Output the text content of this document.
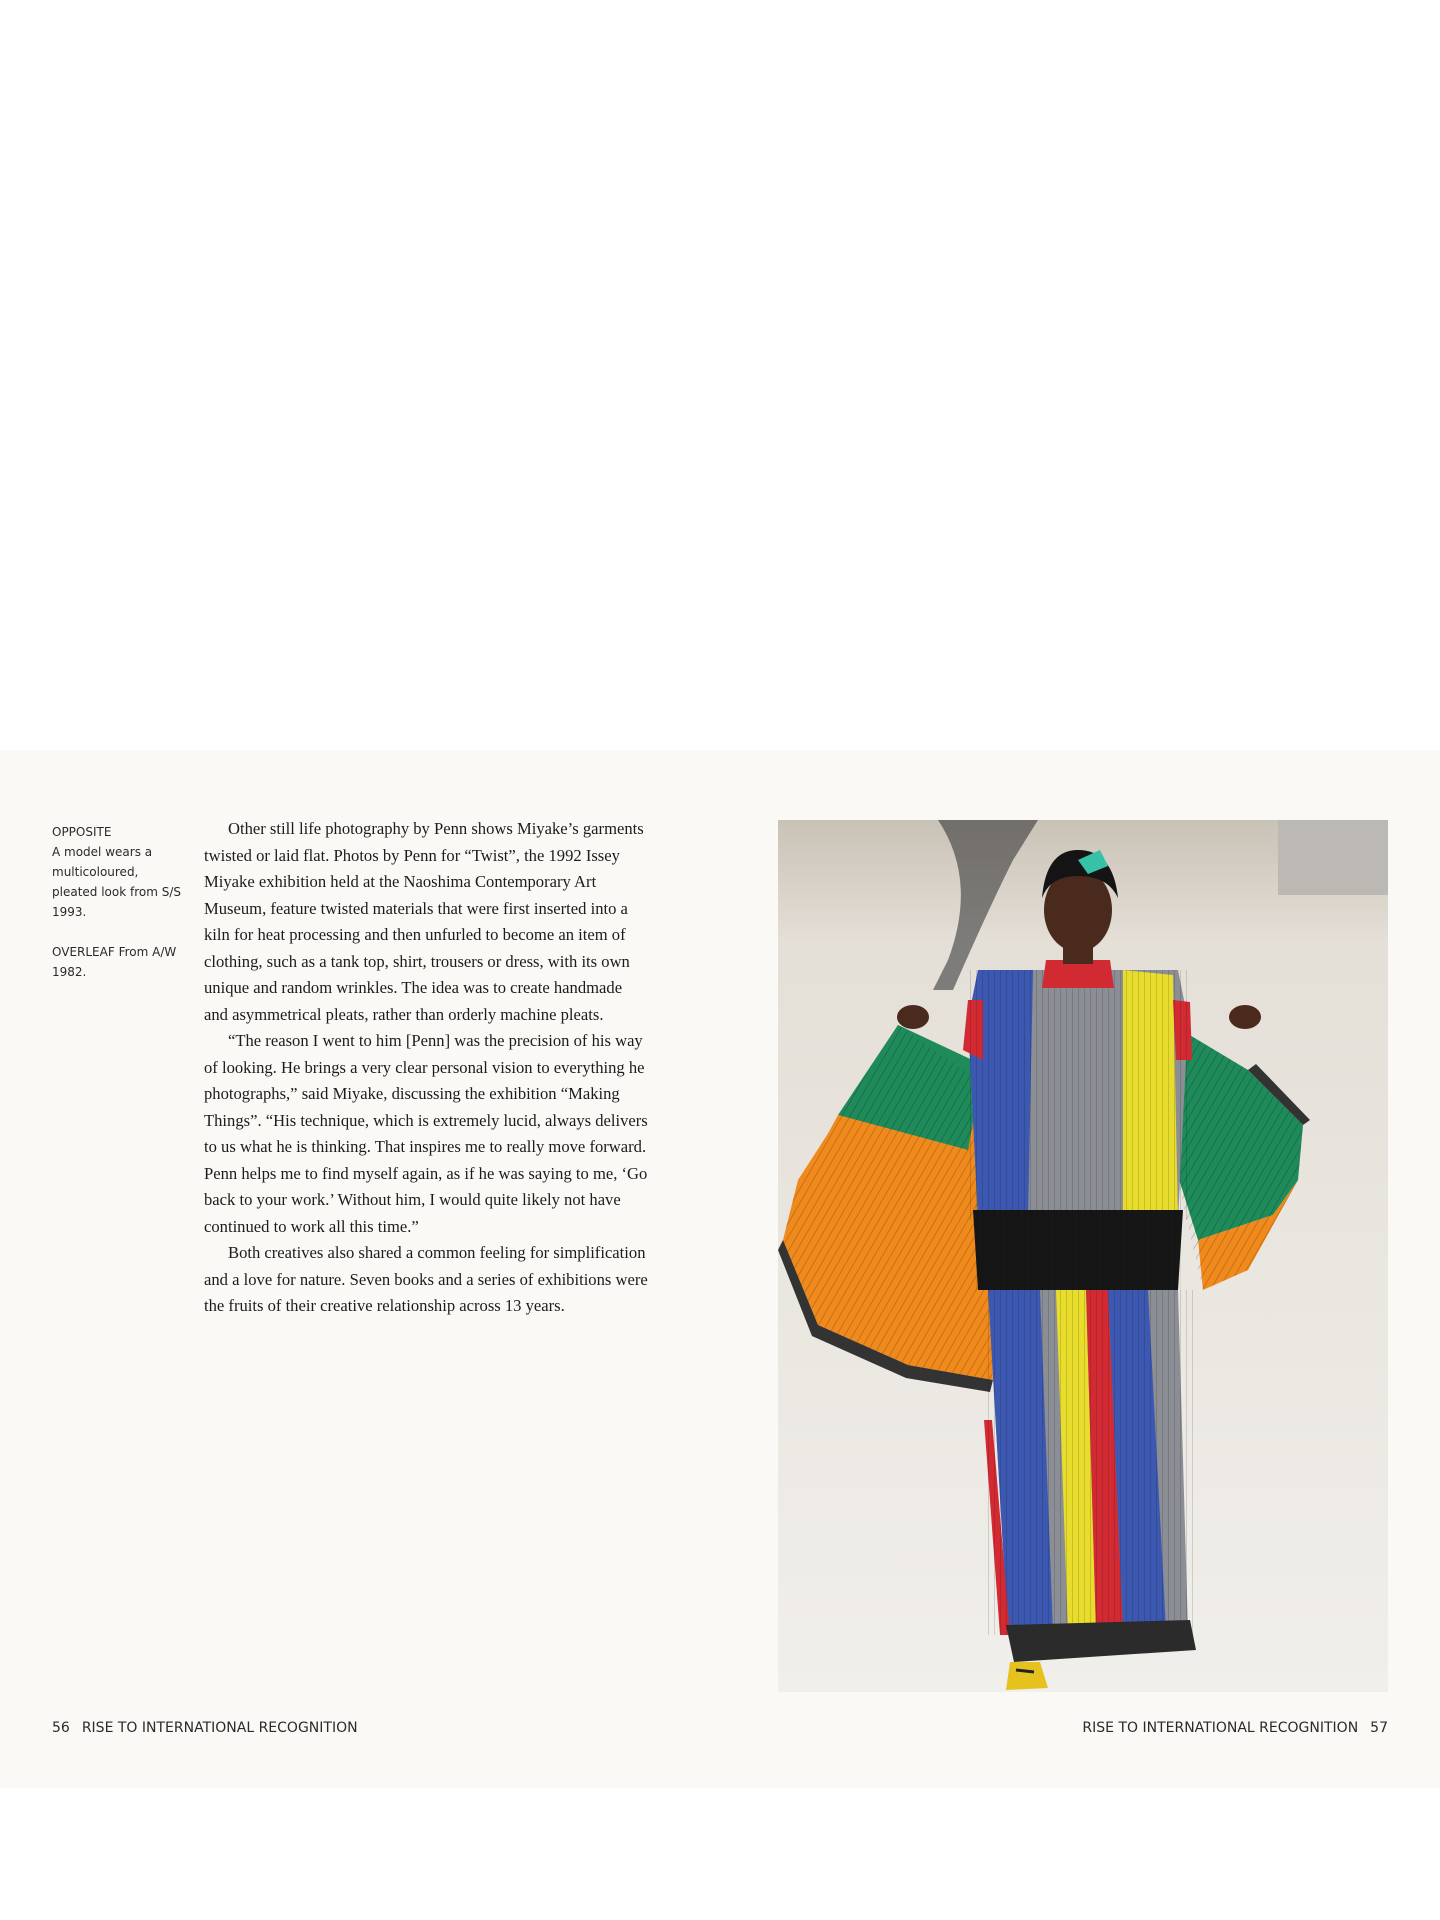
OPPOSITE

A model wears a multicoloured, pleated look from S/S 1993.

OVERLEAF From A/W 1982.

Other still life photography by Penn shows Miyake’s garments twisted or laid flat. Photos by Penn for “Twist”, the 1992 Issey Miyake exhibition held at the Naoshima Contemporary Art Museum, feature twisted materials that were first inserted into a kiln for heat processing and then unfurled to become an item of clothing, such as a tank top, shirt, trousers or dress, with its own unique and random wrinkles. The idea was to create handmade and asymmetrical pleats, rather than orderly machine pleats.

“The reason I went to him [Penn] was the precision of his way of looking. He brings a very clear personal vision to everything he photographs,” said Miyake, discussing the exhibition “Making Things”. “His technique, which is extremely lucid, always delivers to us what he is thinking. That inspires me to really move forward. Penn helps me to find myself again, as if he was saying to me, ‘Go back to your work.’ Without him, I would quite likely not have continued to work all this time.”

Both creatives also shared a common feeling for simplification and a love for nature. Seven books and a series of exhibitions were the fruits of their creative relationship across 13 years.

56 RISE TO INTERNATIONAL RECOGNITION	RISE TO INTERNATIONAL RECOGNITION 57
